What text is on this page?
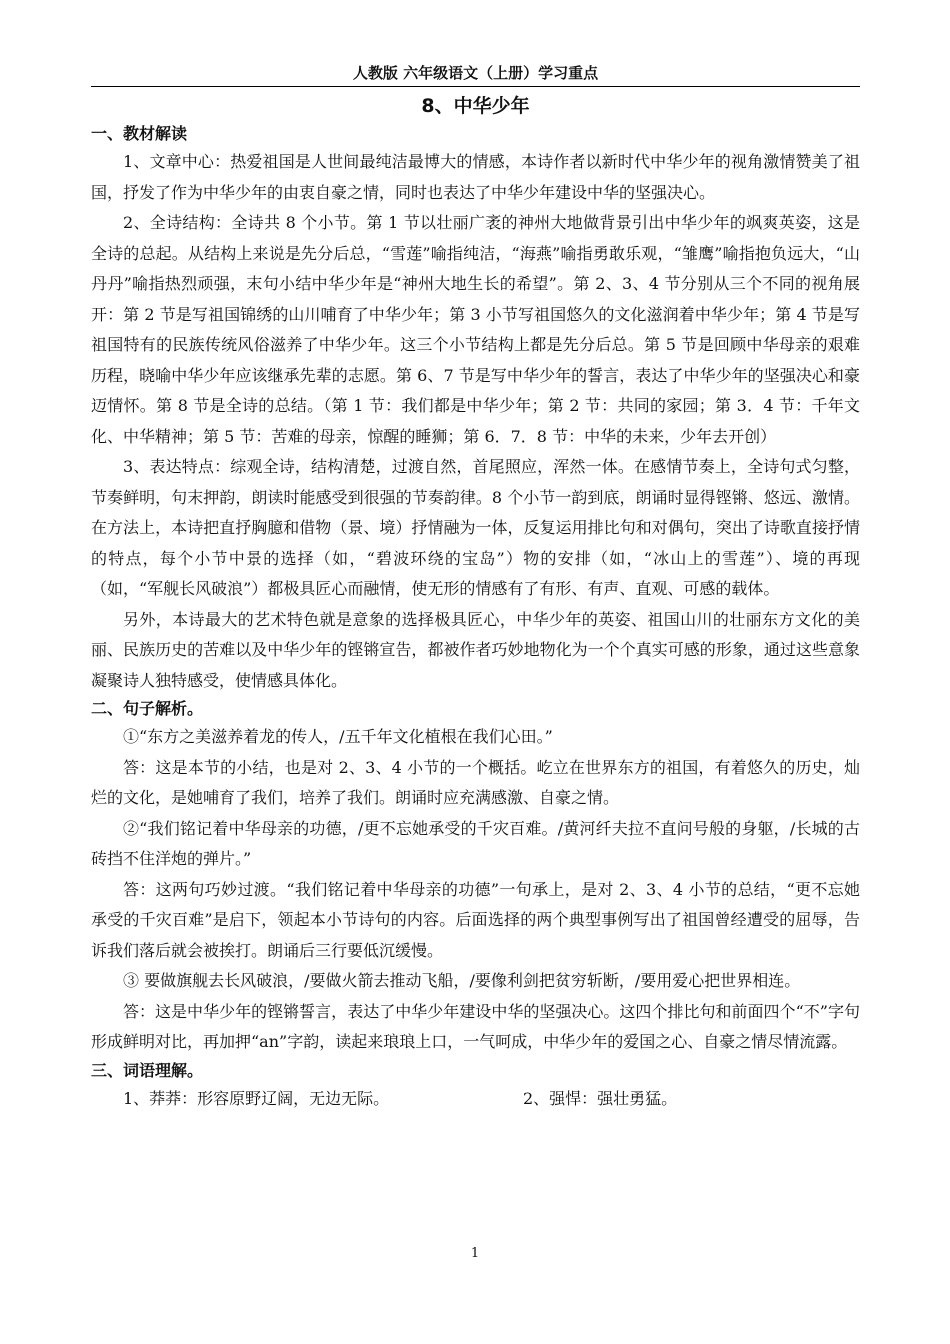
人教版 六年级语文（上册）学习重点
8、中华少年
一、教材解读

1、文章中心：热爱祖国是人世间最纯洁最博大的情感，本诗作者以新时代中华少年的视角激情赞美了祖国，抒发了作为中华少年的由衷自豪之情，同时也表达了中华少年建设中华的坚强决心。

2、全诗结构：全诗共 8 个小节。第 1 节以壮丽广袤的神州大地做背景引出中华少年的飒爽英姿，这是全诗的总起。从结构上来说是先分后总，“雪莲”喻指纯洁，“海燕”喻指勇敢乐观，“雏鹰”喻指抱负远大，“山丹丹”喻指热烈顽强，末句小结中华少年是“神州大地生长的希望”。第 2、3、4 节分别从三个不同的视角展开：第 2 节是写祖国锦绣的山川哺育了中华少年；第 3 小节写祖国悠久的文化滋润着中华少年；第 4 节是写祖国特有的民族传统风俗滋养了中华少年。这三个小节结构上都是先分后总。第 5 节是回顾中华母亲的艰难历程，晓喻中华少年应该继承先辈的志愿。第 6、7 节是写中华少年的誓言，表达了中华少年的坚强决心和豪迈情怀。第 8 节是全诗的总结。（第 1 节：我们都是中华少年；第 2 节：共同的家园；第 3．4 节：千年文化、中华精神；第 5 节：苦难的母亲，惊醒的睡狮；第 6．7．8 节：中华的未来，少年去开创）

3、表达特点：综观全诗，结构清楚，过渡自然，首尾照应，浑然一体。在感情节奏上，全诗句式匀整，节奏鲜明，句末押韵，朗读时能感受到很强的节奏韵律。8 个小节一韵到底，朗诵时显得铿锵、悠远、激情。在方法上，本诗把直抒胸臆和借物（景、境）抒情融为一体，反复运用排比句和对偶句，突出了诗歌直接抒情的特点，每个小节中景的选择（如，“碧波环绕的宝岛”）物的安排（如，“冰山上的雪莲”）、境的再现（如，“军舰长风破浪”）都极具匠心而融情，使无形的情感有了有形、有声、直观、可感的载体。

另外，本诗最大的艺术特色就是意象的选择极具匠心，中华少年的英姿、祖国山川的壮丽东方文化的美丽、民族历史的苦难以及中华少年的铿锵宣告，都被作者巧妙地物化为一个个真实可感的形象，通过这些意象凝聚诗人独特感受，使情感具体化。

二、句子解析。

①“东方之美滋养着龙的传人，/五千年文化植根在我们心田。”

答：这是本节的小结，也是对 2、3、4 小节的一个概括。屹立在世界东方的祖国，有着悠久的历史，灿烂的文化，是她哺育了我们，培养了我们。朗诵时应充满感激、自豪之情。

②“我们铭记着中华母亲的功德，/更不忘她承受的千灾百难。/黄河纤夫拉不直问号般的身躯，/长城的古砖挡不住洋炮的弹片。”

答：这两句巧妙过渡。“我们铭记着中华母亲的功德”一句承上，是对 2、3、4 小节的总结，“更不忘她承受的千灾百难”是启下，领起本小节诗句的内容。后面选择的两个典型事例写出了祖国曾经遭受的屈辱，告诉我们落后就会被挨打。朗诵后三行要低沉缓慢。

③ 要做旗舰去长风破浪，/要做火箭去推动飞船，/要像利剑把贫穷斩断，/要用爱心把世界相连。

答：这是中华少年的铿锵誓言，表达了中华少年建设中华的坚强决心。这四个排比句和前面四个“不”字句形成鲜明对比，再加押“an”字韵，读起来琅琅上口，一气呵成，中华少年的爱国之心、自豪之情尽情流露。

三、词语理解。
1、莽莽：形容原野辽阔，无边无际。	2、强悍：强壮勇猛。
1
